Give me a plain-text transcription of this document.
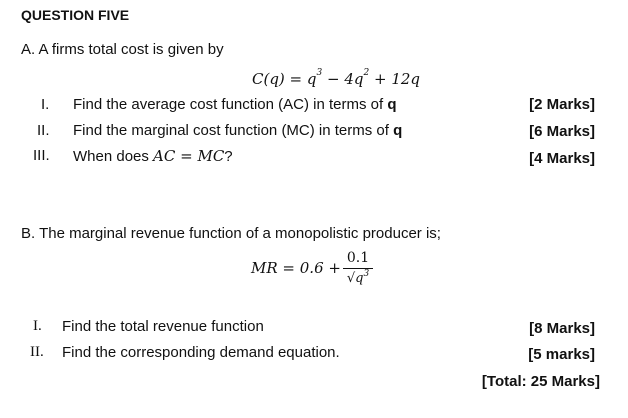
QUESTION FIVE
A. A firms total cost is given by
$C(q) = q^3 - 4q^2 + 12q$
I. Find the average cost function (AC) in terms of q	[2 Marks]
II. Find the marginal cost function (MC) in terms of q	[6 Marks]
III. When does AC = MC?	[4 Marks]
B. The marginal revenue function of a monopolistic producer is;
MR = 0.6 +
0.1
$√q^3$
I. Find the total revenue function	[8 Marks]
II. Find the corresponding demand equation.	[5 marks]
[Total: 25 Marks]
